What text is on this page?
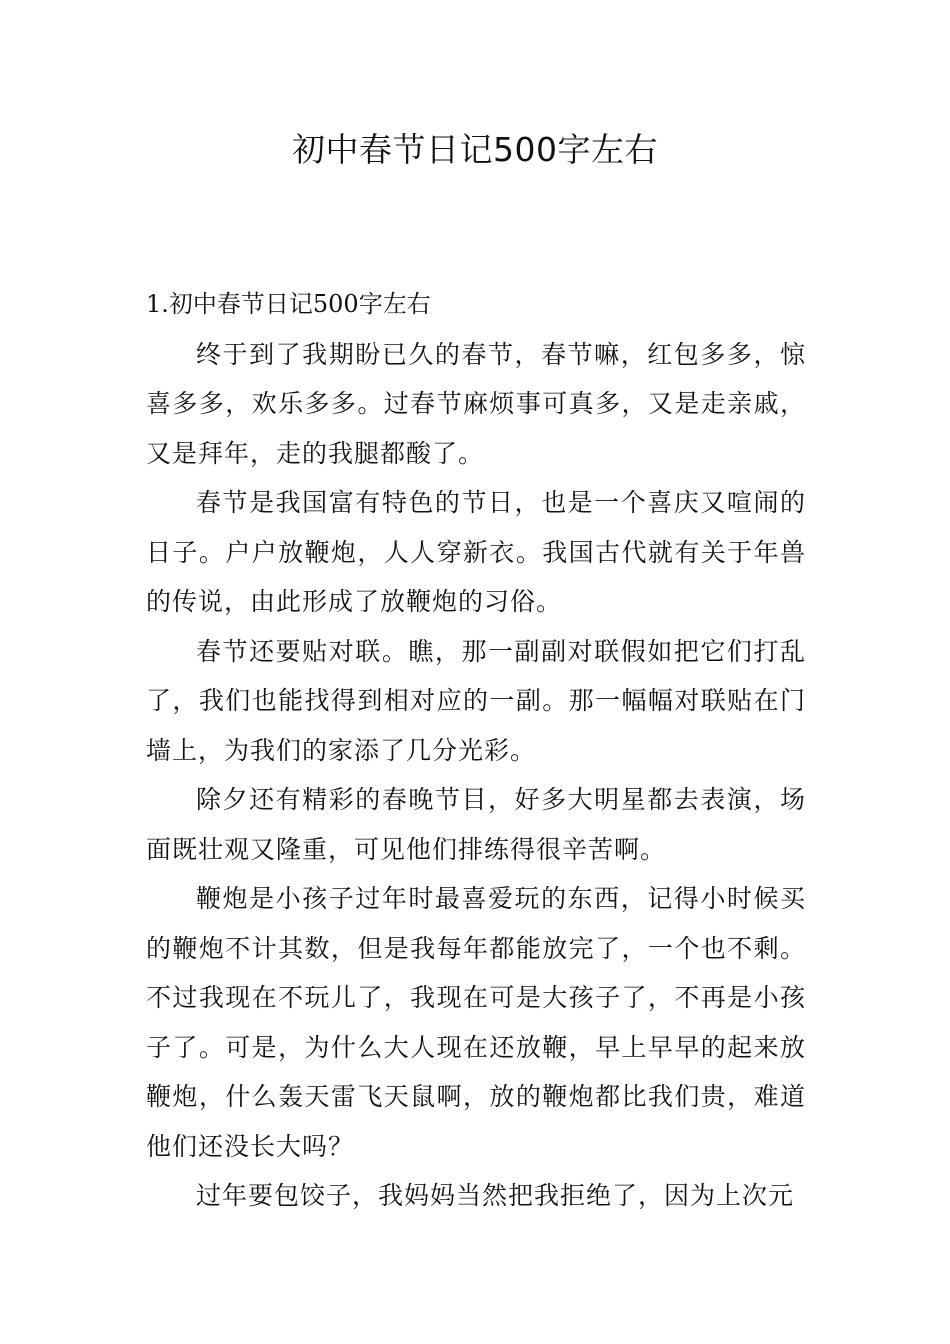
初中春节日记500字左右

1.初中春节日记500字左右

终于到了我期盼已久的春节，春节嘛，红包多多，惊喜多多，欢乐多多。过春节麻烦事可真多，又是走亲戚，又是拜年，走的我腿都酸了。

春节是我国富有特色的节日，也是一个喜庆又喧闹的日子。户户放鞭炮，人人穿新衣。我国古代就有关于年兽的传说，由此形成了放鞭炮的习俗。

春节还要贴对联。瞧，那一副副对联假如把它们打乱了，我们也能找得到相对应的一副。那一幅幅对联贴在门墙上，为我们的家添了几分光彩。

除夕还有精彩的春晚节目，好多大明星都去表演，场面既壮观又隆重，可见他们排练得很辛苦啊。

鞭炮是小孩子过年时最喜爱玩的东西，记得小时候买的鞭炮不计其数，但是我每年都能放完了，一个也不剩。不过我现在不玩儿了，我现在可是大孩子了，不再是小孩子了。可是，为什么大人现在还放鞭，早上早早的起来放鞭炮，什么轰天雷飞天鼠啊，放的鞭炮都比我们贵，难道他们还没长大吗？

过年要包饺子，我妈妈当然把我拒绝了，因为上次元
